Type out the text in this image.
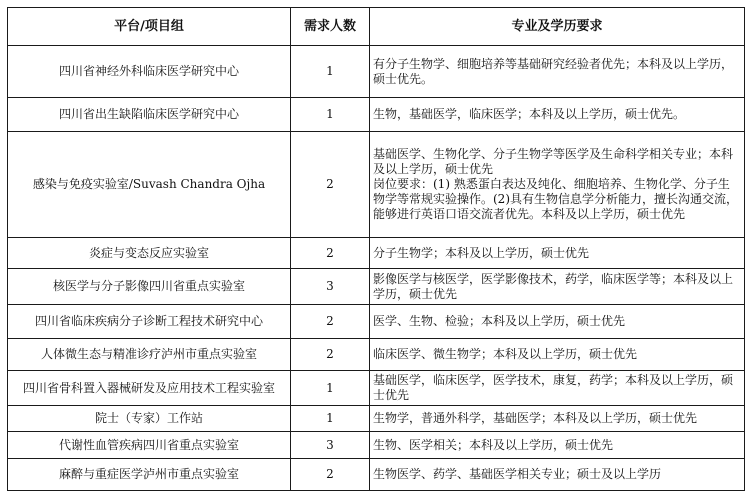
平台/项目组	需求人数	专业及学历要求
四川省神经外科临床医学研究中心	1	有分子生物学、细胞培养等基础研究经验者优先；本科及以上学历，硕士优先。
四川省出生缺陷临床医学研究中心	1	生物，基础医学，临床医学；本科及以上学历，硕士优先。
感染与免疫实验室/Suvash Chandra Ojha	2	基础医学、生物化学、分子生物学等医学及生命科学相关专业；本科及以上学历，硕士优先
岗位要求：(1) 熟悉蛋白表达及纯化、细胞培养、生物化学、分子生物学等常规实验操作。(2)具有生物信息学分析能力，擅长沟通交流，能够进行英语口语交流者优先。本科及以上学历，硕士优先

炎症与变态反应实验室	2	分子生物学；本科及以上学历，硕士优先
核医学与分子影像四川省重点实验室	3	影像医学与核医学，医学影像技术，药学，临床医学等；本科及以上学历，硕士优先
四川省临床疾病分子诊断工程技术研究中心	2	医学、生物、检验；本科及以上学历，硕士优先
人体微生态与精准诊疗泸州市重点实验室	2	临床医学、微生物学；本科及以上学历，硕士优先
四川省骨科置入器械研发及应用技术工程实验室	1	基础医学，临床医学，医学技术，康复，药学；本科及以上学历，硕士优先
院士（专家）工作站	1	生物学，普通外科学，基础医学；本科及以上学历，硕士优先
代谢性血管疾病四川省重点实验室	3	生物、医学相关；本科及以上学历，硕士优先
麻醉与重症医学泸州市重点实验室	2	生物医学、药学、基础医学相关专业；硕士及以上学历
